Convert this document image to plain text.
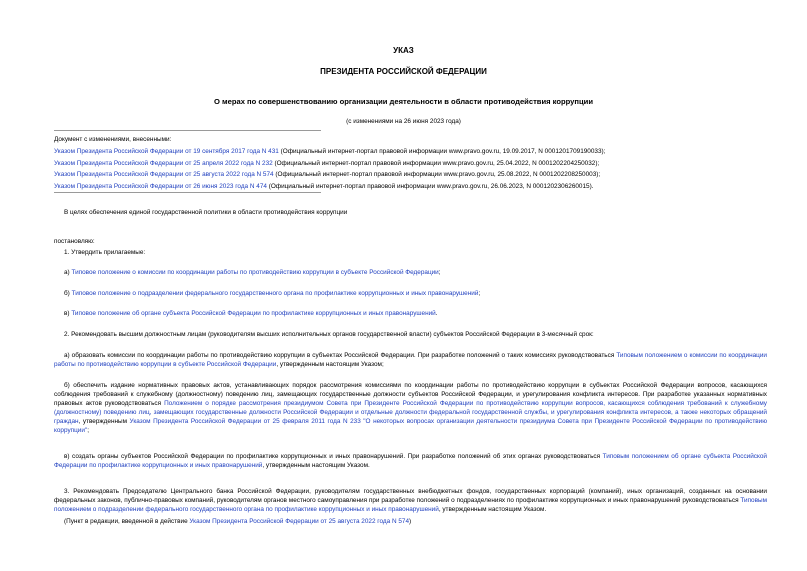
УКАЗ
ПРЕЗИДЕНТА РОССИЙСКОЙ ФЕДЕРАЦИИ
О мерах по совершенствованию организации деятельности в области противодействия коррупции
(с изменениями на 26 июня 2023 года)
Документ с изменениями, внесенными:
Указом Президента Российской Федерации от 19 сентября 2017 года N 431 (Официальный интернет-портал правовой информации www.pravo.gov.ru, 19.09.2017, N 0001201709190033);
Указом Президента Российской Федерации от 25 апреля 2022 года N 232 (Официальный интернет-портал правовой информации www.pravo.gov.ru, 25.04.2022, N 0001202204250032);
Указом Президента Российской Федерации от 25 августа 2022 года N 574 (Официальный интернет-портал правовой информации www.pravo.gov.ru, 25.08.2022, N 0001202208250003);
Указом Президента Российской Федерации от 26 июня 2023 года N 474 (Официальный интернет-портал правовой информации www.pravo.gov.ru, 26.06.2023, N 0001202306260015).
В целях обеспечения единой государственной политики в области противодействия коррупции
постановляю:
1. Утвердить прилагаемые:
а) Типовое положение о комиссии по координации работы по противодействию коррупции в субъекте Российской Федерации;
б) Типовое положение о подразделении федерального государственного органа по профилактике коррупционных и иных правонарушений;
в) Типовое положение об органе субъекта Российской Федерации по профилактике коррупционных и иных правонарушений.
2. Рекомендовать высшим должностным лицам (руководителям высших исполнительных органов государственной власти) субъектов Российской Федерации в 3-месячный срок:
а) образовать комиссии по координации работы по противодействию коррупции в субъектах Российской Федерации. При разработке положений о таких комиссиях руководствоваться Типовым положением о комиссии по координации работы по противодействию коррупции в субъекте Российской Федерации, утвержденным настоящим Указом;
б) обеспечить издание нормативных правовых актов, устанавливающих порядок рассмотрения комиссиями по координации работы по противодействию коррупции в субъектах Российской Федерации вопросов, касающихся соблюдения требований к служебному (должностному) поведению лиц, замещающих государственные должности субъектов Российской Федерации, и урегулирования конфликта интересов. При разработке указанных нормативных правовых актов руководствоваться Положением о порядке рассмотрения президиумом Совета при Президенте Российской Федерации по противодействию коррупции вопросов, касающихся соблюдения требований к служебному (должностному) поведению лиц, замещающих государственные должности Российской Федерации и отдельные должности федеральной государственной службы, и урегулирования конфликта интересов, а также некоторых обращений граждан, утвержденным Указом Президента Российской Федерации от 25 февраля 2011 года N 233 "О некоторых вопросах организации деятельности президиума Совета при Президенте Российской Федерации по противодействию коррупции";
в) создать органы субъектов Российской Федерации по профилактике коррупционных и иных правонарушений. При разработке положений об этих органах руководствоваться Типовым положением об органе субъекта Российской Федерации по профилактике коррупционных и иных правонарушений, утвержденным настоящим Указом.
3. Рекомендовать Председателю Центрального банка Российской Федерации, руководителям государственных внебюджетных фондов, государственных корпораций (компаний), иных организаций, созданных на основании федеральных законов, публично-правовых компаний, руководителям органов местного самоуправления при разработке положений о подразделениях по профилактике коррупционных и иных правонарушений руководствоваться Типовым положением о подразделении федерального государственного органа по профилактике коррупционных и иных правонарушений, утвержденным настоящим Указом.
(Пункт в редакции, введенной в действие Указом Президента Российской Федерации от 25 августа 2022 года N 574)
